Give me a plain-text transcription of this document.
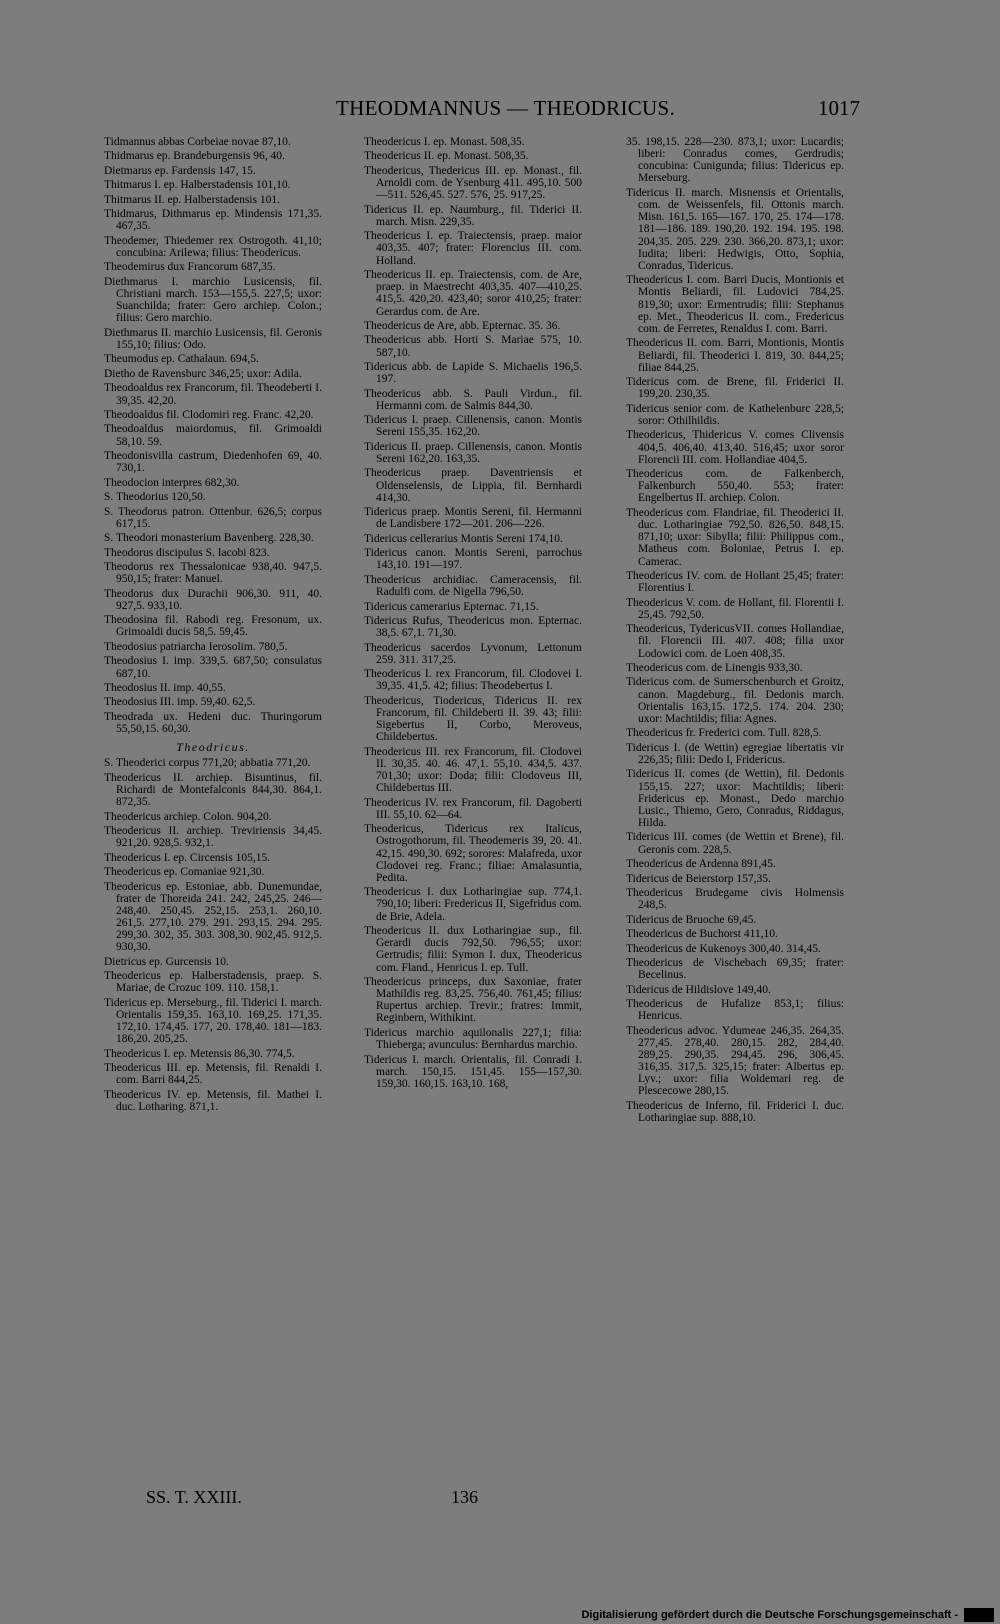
THEODMANNUS — THEODRICUS.	1017
Tidmannus abbas Corbeiae novae 87,10.
Thidmarus ep. Brandeburgensis 96, 40.
Dietmarus ep. Fardensis 147, 15.
Thitmarus I. ep. Halberstadensis 101,10.
Thitmarus II. ep. Halberstadensis 101.
Thidmarus, Dithmarus ep. Mindensis 171,35. 467,35.
Theodemer, Thiedemer rex Ostrogoth. 41,10; concubina: Arilewa; filius: Theodericus.
Theodemirus dux Francorum 687,35.
Diethmarus I. marchio Lusicensis, fil. Christiani march. 153—155,5. 227,5; uxor: Suanchilda; frater: Gero archiep. Colon.; filius: Gero marchio.
Diethmarus II. marchio Lusicensis, fil. Geronis 155,10; filius: Odo.
Theumodus ep. Cathalaun. 694,5.
Dietho de Ravensburc 346,25; uxor: Adila.
Theodoaldus rex Francorum, fil. Theodeberti I. 39,35. 42,20.
Theodoaldus fil. Clodomiri reg. Franc. 42,20.
Theodoaldus maiordomus, fil. Grimoaldi 58,10. 59.
Theodonisvilla castrum, Diedenhofen 69, 40. 730,1.
Theodocion interpres 682,30.
S. Theodorius 120,50.
S. Theodorus patron. Ottenbur. 626,5; corpus 617,15.
S. Theodori monasterium Bavenberg. 228,30.
Theodorus discipulus S. Iacobi 823.
Theodorus rex Thessalonicae 938,40. 947,5. 950,15; frater: Manuel.
Theodorus dux Durachii 906,30. 911, 40. 927,5. 933,10.
Theodosina fil. Rabodi reg. Fresonum, ux. Grimoaldi ducis 58,5. 59,45.
Theodosius patriarcha Ierosolim. 780,5.
Theodosius I. imp. 339,5. 687,50; consulatus 687,10.
Theodosius II. imp. 40,55.
Theodosius III. imp. 59,40. 62,5.
Theodrada ux. Hedeni duc. Thuringorum 55,50,15. 60,30.
Theodricus.
S. Theoderici corpus 771,20; abbatia 771,20.
Theodericus II. archiep. Bisuntinus, fil. Richardi de Montefalconis 844,30. 864,1. 872,35.
Theodericus archiep. Colon. 904,20.
Theodericus II. archiep. Treviriensis 34,45. 921,20. 928,5. 932,1.
Theodericus I. ep. Circensis 105,15.
Theodericus ep. Comaniae 921,30.
Theodericus ep. Estoniae, abb. Dunemundae, frater de Thoreida 241. 242, 245,25. 246—248,40. 250,45. 252,15. 253,1. 260,10. 261,5. 277,10. 279. 291. 293,15. 294. 295. 299,30. 302, 35. 303. 308,30. 902,45. 912,5. 930,30.
Dietricus ep. Gurcensis 10.
Theodericus ep. Halberstadensis, praep. S. Mariae, de Crozuc 109. 110. 158,1.
Tidericus ep. Merseburg., fil. Tiderici I. march. Orientalis 159,35. 163,10. 169,25. 171,35. 172,10. 174,45. 177, 20. 178,40. 181—183. 186,20. 205,25.
Theodericus I. ep. Metensis 86,30. 774,5.
Theodericus III. ep. Metensis, fil. Renaldi I. com. Barri 844,25.
Theodericus IV. ep. Metensis, fil. Mathei I. duc. Lotharing. 871,1.
Theodericus I. ep. Monast. 508,35.
Theodericus II. ep. Monast. 508,35.
Theodericus, Thedericus III. ep. Monast., fil. Arnoldi com. de Ysenburg 411. 495,10. 500—511. 526,45. 527. 576, 25. 917,25.
Tidericus II. ep. Naumburg., fil. Tiderici II. march. Misn. 229,35.
Theodericus I. ep. Traiectensis, praep. maior 403,35. 407; frater: Florencius III. com. Holland.
Theodericus II. ep. Traiectensis, com. de Are, praep. in Maestrecht 403,35. 407—410,25. 415,5. 420,20. 423,40; soror 410,25; frater: Gerardus com. de Are.
Theodericus de Are, abb. Epternac. 35. 36.
Theodericus abb. Horti S. Mariae 575, 10. 587,10.
Tidericus abb. de Lapide S. Michaelis 196,5. 197.
Theodericus abb. S. Pauli Virdun., fil. Hermanni com. de Salmis 844,30.
Tidericus I. praep. Cillenensis, canon. Montis Sereni 155,35. 162,20.
Tidericus II. praep. Cillenensis, canon. Montis Sereni 162,20. 163,35.
Theodericus praep. Daventriensis et Oldenselensis, de Lippia, fil. Bernhardi 414,30.
Tidericus praep. Montis Sereni, fil. Hermanni de Landisbere 172—201. 206—226.
Tidericus cellerarius Montis Sereni 174,10.
Tidericus canon. Montis Sereni, parrochus 143,10. 191—197.
Theodericus archidiac. Cameracensis, fil. Radulfi com. de Nigella 796,50.
Tidericus camerarius Epternac. 71,15.
Tidericus Rufus, Theodericus mon. Epternac. 38,5. 67,1. 71,30.
Theodericus sacerdos Lyvonum, Lettonum 259. 311. 317,25.
Theodericus I. rex Francorum, fil. Clodovei I. 39,35. 41,5. 42; filius: Theodebertus I.
Theodericus, Tiodericus, Tidericus II. rex Francorum, fil. Childeberti II. 39. 43; filii: Sigebertus II, Corbo, Meroveus, Childebertus.
Theodericus III. rex Francorum, fil. Clodovei II. 30,35. 40. 46. 47,1. 55,10. 434,5. 437. 701,30; uxor: Doda; filii: Clodoveus III, Childebertus III.
Theodericus IV. rex Francorum, fil. Dagoberti III. 55,10. 62—64.
Theodericus, Tidericus rex Italicus, Ostrogothorum, fil. Theodemeris 39, 20. 41. 42,15. 490,30. 692; sorores: Malafreda, uxor Clodovei reg. Franc.; filiae: Amalasuntia, Pedita.
Theodericus I. dux Lotharingiae sup. 774,1. 790,10; liberi: Fredericus II, Sigefridus com. de Brie, Adela.
Theodericus II. dux Lotharingiae sup., fil. Gerardi ducis 792,50. 796,55; uxor: Gertrudis; filii: Symon I. dux, Theodericus com. Fland., Henricus I. ep. Tull.
Theodericus princeps, dux Saxoniae, frater Mathildis reg. 83,25. 756,40. 761,45; filius: Rupertus archiep. Trevir.; fratres: Immit, Reginbern, Withikint.
Tidericus marchio aquilonalis 227,1; filia: Thieberga; avunculus: Bernhardus marchio.
Tidericus I. march. Orientalis, fil. Conradi I. march. 150,15. 151,45. 155—157,30. 159,30. 160,15. 163,10. 168,
35. 198,15. 228—230. 873,1; uxor: Lucardis; liberi: Conradus comes, Gerdrudis; concubina: Cunigunda; filius: Tidericus ep. Merseburg.
Tidericus II. march. Misnensis et Orientalis, com. de Weissenfels, fil. Ottonis march. Misn. 161,5. 165—167. 170, 25. 174—178. 181—186. 189. 190,20. 192. 194. 195. 198. 204,35. 205. 229. 230. 366,20. 873,1; uxor: Iudita; liberi: Hedwigis, Otto, Sophia, Conradus, Tidericus.
Theodericus I. com. Barri Ducis, Montionis et Montis Beliardi, fil. Ludovici 784,25. 819,30; uxor: Ermentrudis; filii: Stephanus ep. Met., Theodericus II. com., Fredericus com. de Ferretes, Renaldus I. com. Barri.
Theodericus II. com. Barri, Montionis, Montis Beliardi, fil. Theoderici I. 819, 30. 844,25; filiae 844,25.
Tidericus com. de Brene, fil. Friderici II. 199,20. 230,35.
Tidericus senior com. de Kathelenburc 228,5; soror: Othilhildis.
Theodericus, Thidericus V. comes Clivensis 404,5. 406,40. 413,40. 516,45; uxor soror Florencii III. com. Hollandiae 404,5.
Theodericus com. de Falkenberch, Falkenburch 550,40. 553; frater: Engelbertus II. archiep. Colon.
Theodericus com. Flandriae, fil. Theoderici II. duc. Lotharingiae 792,50. 826,50. 848,15. 871,10; uxor: Sibylla; filii: Philippus com., Matheus com. Boloniae, Petrus I. ep. Camerac.
Theodericus IV. com. de Hollant 25,45; frater: Florentius I.
Theodericus V. com. de Hollant, fil. Florentii I. 25,45. 792,50.
Theodericus, TydericusVII. comes Hollandiae, fil. Florencii III. 407. 408; filia uxor Lodowici com. de Loen 408,35.
Theodericus com. de Linengis 933,30.
Tidericus com. de Sumerschenburch et Groitz, canon. Magdeburg., fil. Dedonis march. Orientalis 163,15. 172,5. 174. 204. 230; uxor: Machtildis; filia: Agnes.
Theodericus fr. Frederici com. Tull. 828,5.
Tidericus I. (de Wettin) egregiae libertatis vir 226,35; filii: Dedo I, Fridericus.
Tidericus II. comes (de Wettin), fil. Dedonis 155,15. 227; uxor: Machtildis; liberi: Fridericus ep. Monast., Dedo marchio Lusic., Thiemo, Gero, Conradus, Riddagus, Hilda.
Tidericus III. comes (de Wettin et Brene), fil. Geronis com. 228,5.
Theodericus de Ardenna 891,45.
Tidericus de Beierstorp 157,35.
Theodericus Brudegame civis Holmensis 248,5.
Tidericus de Bruoche 69,45.
Theodericus de Buchorst 411,10.
Theodericus de Kukenoys 300,40. 314,45.
Theodericus de Vischebach 69,35; frater: Becelinus.
Tidericus de Hildislove 149,40.
Theodericus de Hufalize 853,1; filius: Henricus.
Theodericus advoc. Ydumeae 246,35. 264,35. 277,45. 278,40. 280,15. 282, 284,40. 289,25. 290,35. 294,45. 296, 306,45. 316,35. 317,5. 325,15; frater: Albertus ep. Lyv.; uxor: filia Woldemari reg. de Plescecowe 280,15.
Theodericus de Inferno, fil. Friderici I. duc. Lotharingiae sup. 888,10.
SS. T. XXIII.	136
Digitalisierung gefördert durch die Deutsche Forschungsgemeinschaft -
